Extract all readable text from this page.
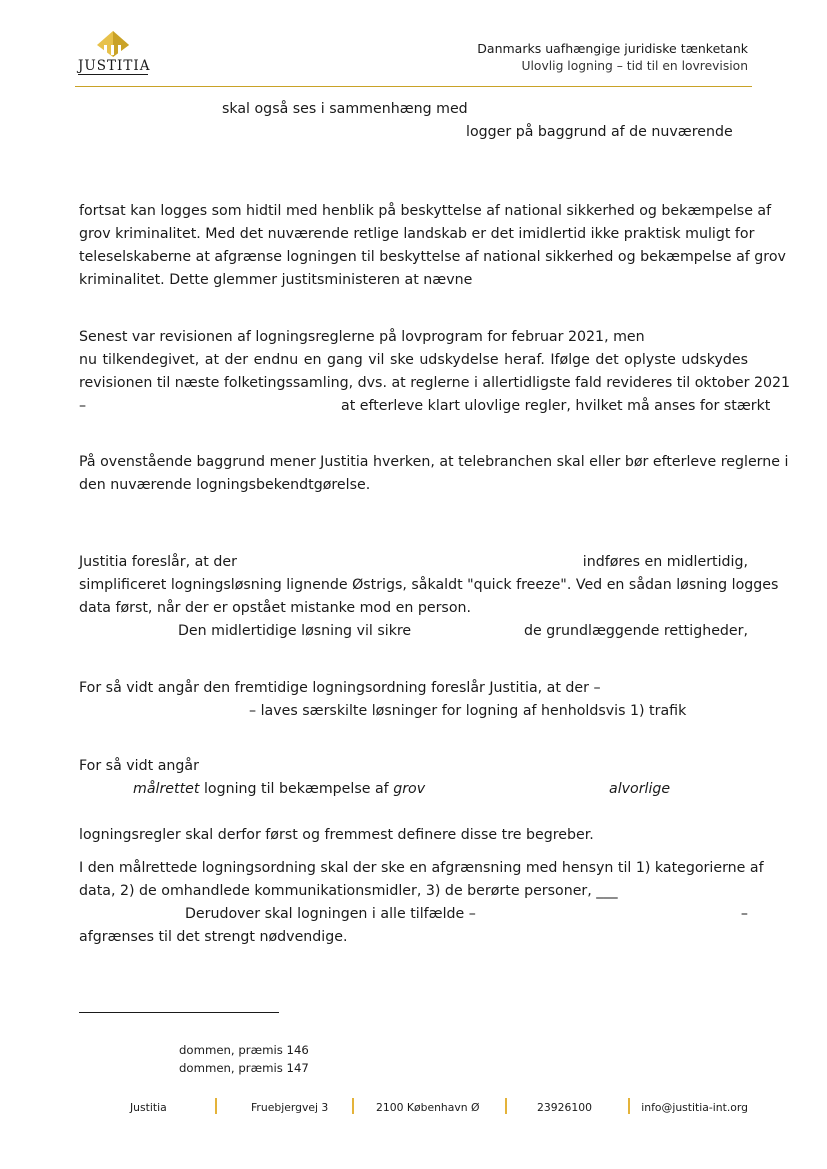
JUSTITIA
Danmarks uafhængige juridiske tænketank
Ulovlig logning – tid til en lovrevision
skal også ses i sammenhæng med
logger på baggrund af de nuværende
fortsat kan logges som hidtil med henblik på beskyttelse af national sikkerhed og bekæmpelse af
grov kriminalitet. Med det nuværende retlige landskab er det imidlertid ikke praktisk muligt for
teleselskaberne at afgrænse logningen til beskyttelse af national sikkerhed og bekæmpelse af grov
kriminalitet. Dette glemmer justitsministeren at nævne
Senest var revisionen af logningsreglerne på lovprogram for februar 2021, men
nu tilkendegivet, at der endnu en gang vil ske udskydelse heraf. Ifølge det oplyste udskydes
revisionen til næste folketingssamling, dvs. at reglerne i allertidligste fald revideres til oktober 2021
–	at efterleve klart ulovlige regler, hvilket må anses for stærkt
På ovenstående baggrund mener Justitia hverken, at telebranchen skal eller bør efterleve reglerne i
den nuværende logningsbekendtgørelse.
Justitia foreslår, at der	indføres en midlertidig,
simplificeret logningsløsning lignende Østrigs, såkaldt "quick freeze". Ved en sådan løsning logges
data først, når der er opstået mistanke mod en person.
Den midlertidige løsning vil sikre	de grundlæggende rettigheder,
For så vidt angår den fremtidige logningsordning foreslår Justitia, at der –
– laves særskilte løsninger for logning af henholdsvis 1) trafik
For så vidt angår
målrettet logning til bekæmpelse af grov	alvorlige
logningsregler skal derfor først og fremmest definere disse tre begreber.
I den målrettede logningsordning skal der ske en afgrænsning med hensyn til 1) kategorierne af
data, 2) de omhandlede kommunikationsmidler, 3) de berørte personer, ___
Derudover skal logningen i alle tilfælde –	–
afgrænses til det strengt nødvendige.
dommen, præmis 146
dommen, præmis 147
Justitia	Fruebjergvej 3	2100 København Ø	23926100	info@justitia-int.org
